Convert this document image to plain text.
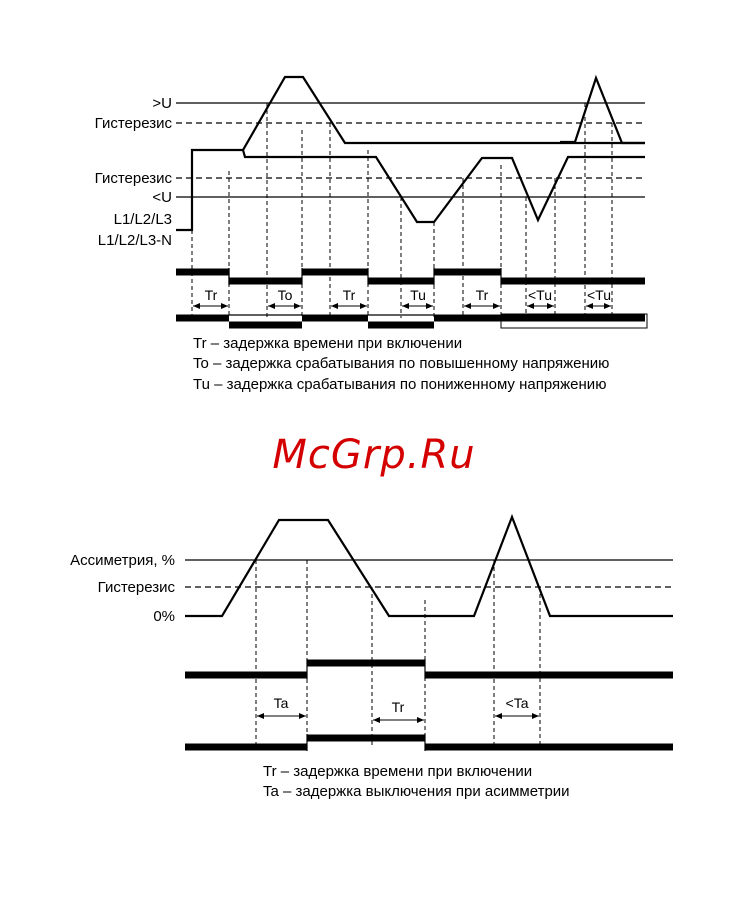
>U
Гистерезис
Гистерезис
<U
L1/L2/L3
L1/L2/L3-N
Tr	To	Tr	Tu	Tr	<Tu	<Tu
Tr – задержка времени при включении
To – задержка срабатывания по повышенному напряжению
Tu – задержка срабатывания по пониженному напряжению
McGrp.Ru
Ассиметрия, %
Гистерезис
0%
Ta	Tr	<Ta
Tr – задержка времени при включении
Ta – задержка выключения при асимметрии
